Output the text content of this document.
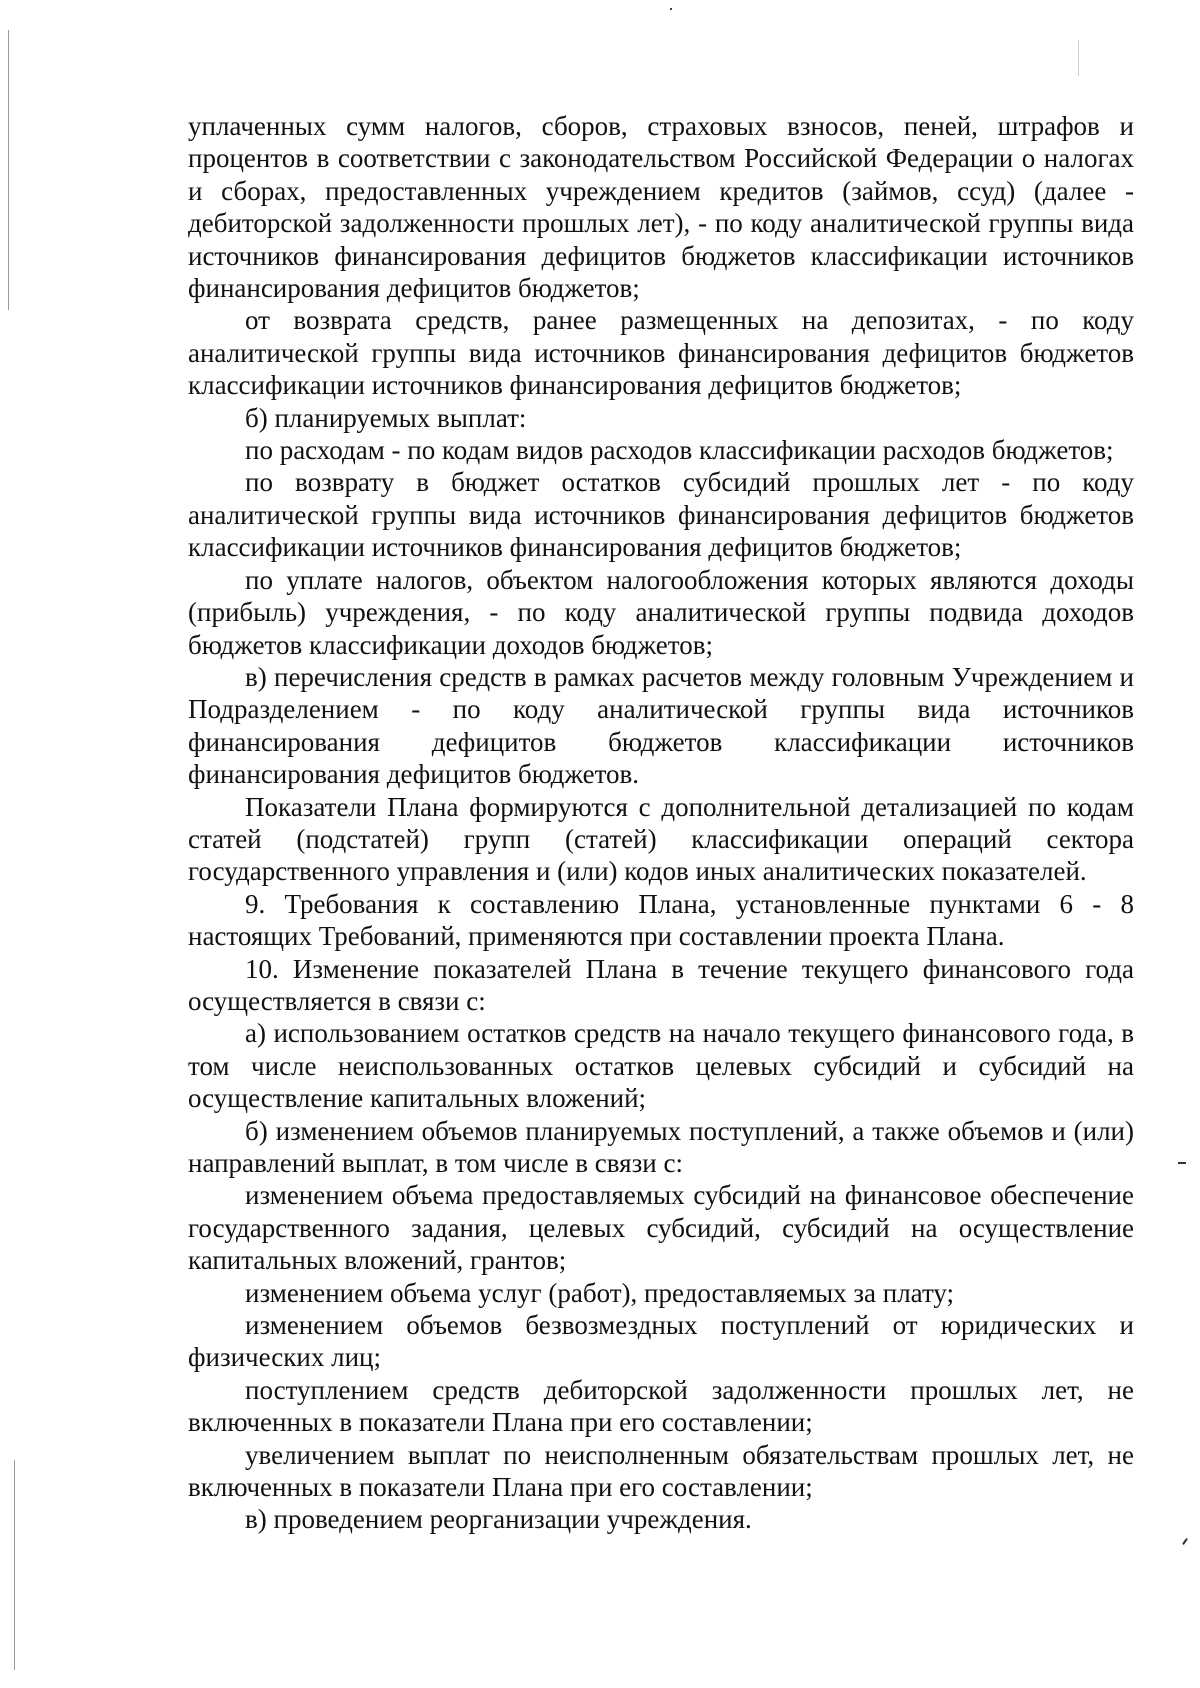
уплаченных сумм налогов, сборов, страховых взносов, пеней, штрафов и процентов в соответствии с законодательством Российской Федерации о налогах и сборах, предоставленных учреждением кредитов (займов, ссуд) (далее - дебиторской задолженности прошлых лет), - по коду аналитической группы вида источников финансирования дефицитов бюджетов классификации источников финансирования дефицитов бюджетов;

от возврата средств, ранее размещенных на депозитах, - по коду аналитической группы вида источников финансирования дефицитов бюджетов классификации источников финансирования дефицитов бюджетов;

б) планируемых выплат:

по расходам - по кодам видов расходов классификации расходов бюджетов;

по возврату в бюджет остатков субсидий прошлых лет - по коду аналитической группы вида источников финансирования дефицитов бюджетов классификации источников финансирования дефицитов бюджетов;

по уплате налогов, объектом налогообложения которых являются доходы (прибыль) учреждения, - по коду аналитической группы подвида доходов бюджетов классификации доходов бюджетов;

в) перечисления средств в рамках расчетов между головным Учреждением и Подразделением - по коду аналитической группы вида источников финансирования дефицитов бюджетов классификации источников финансирования дефицитов бюджетов.

Показатели Плана формируются с дополнительной детализацией по кодам статей (подстатей) групп (статей) классификации операций сектора государственного управления и (или) кодов иных аналитических показателей.

9. Требования к составлению Плана, установленные пунктами 6 - 8 настоящих Требований, применяются при составлении проекта Плана.

10. Изменение показателей Плана в течение текущего финансового года осуществляется в связи с:

а) использованием остатков средств на начало текущего финансового года, в том числе неиспользованных остатков целевых субсидий и субсидий на осуществление капитальных вложений;

б) изменением объемов планируемых поступлений, а также объемов и (или) направлений выплат, в том числе в связи с:

изменением объема предоставляемых субсидий на финансовое обеспечение государственного задания, целевых субсидий, субсидий на осуществление капитальных вложений, грантов;

изменением объема услуг (работ), предоставляемых за плату;

изменением объемов безвозмездных поступлений от юридических и физических лиц;

поступлением средств дебиторской задолженности прошлых лет, не включенных в показатели Плана при его составлении;

увеличением выплат по неисполненным обязательствам прошлых лет, не включенных в показатели Плана при его составлении;

в) проведением реорганизации учреждения.
